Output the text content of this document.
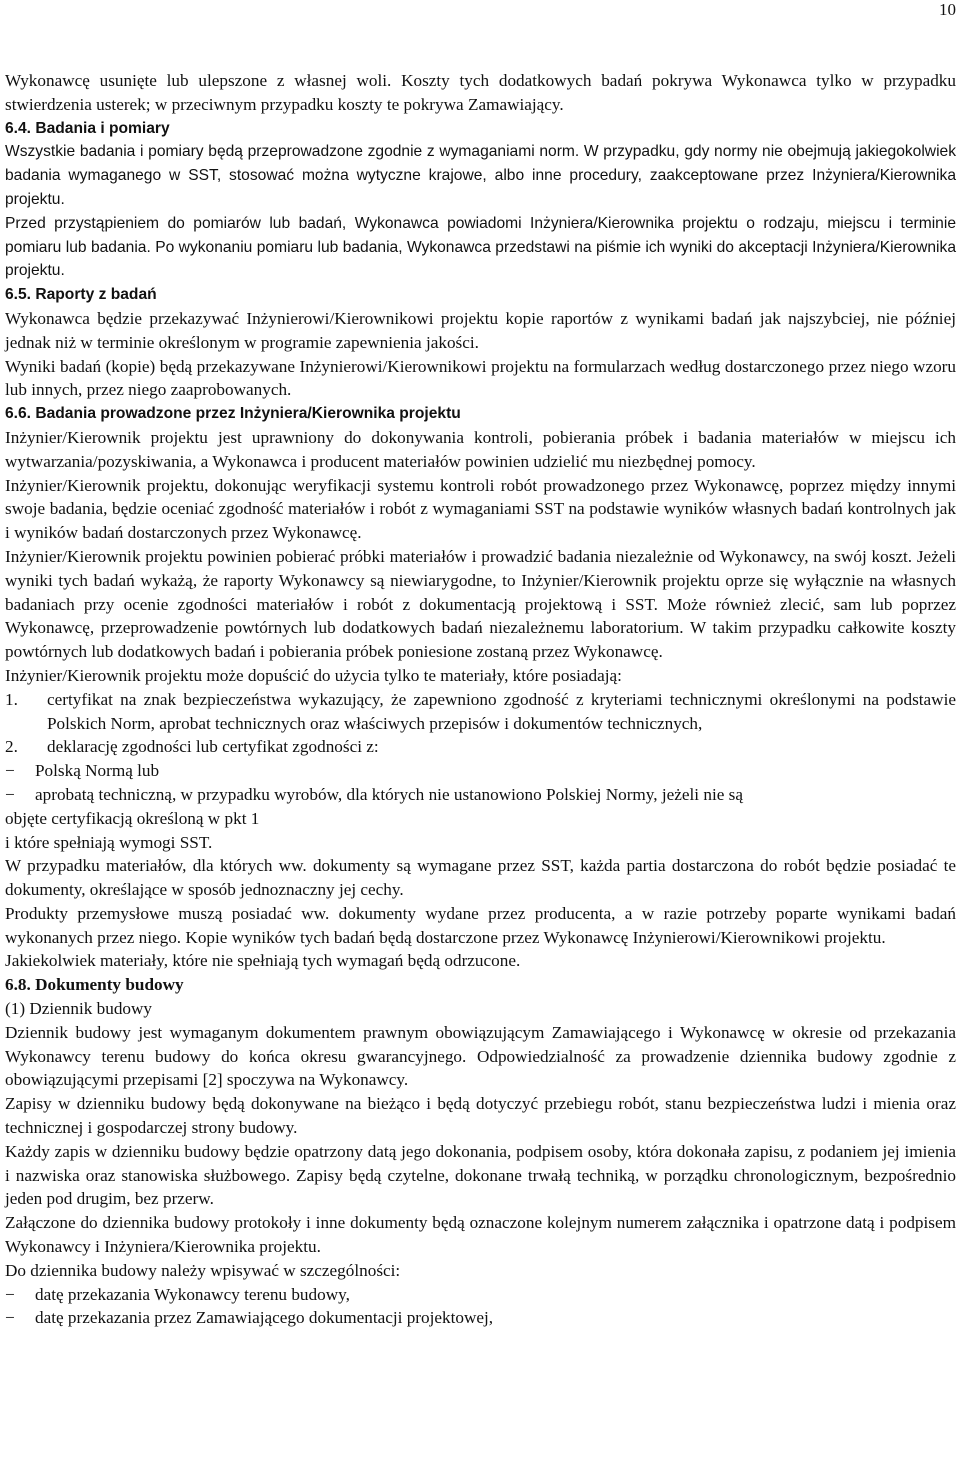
10

Wykonawcę usunięte lub ulepszone z własnej woli. Koszty tych dodatkowych badań pokrywa Wykonawca tylko w przypadku stwierdzenia usterek; w przeciwnym przypadku koszty te pokrywa Zamawiający.

6.4. Badania i pomiary

Wszystkie badania i pomiary będą przeprowadzone zgodnie z wymaganiami norm. W przypadku, gdy normy nie obejmują jakiegokolwiek badania wymaganego w SST, stosować można wytyczne krajowe, albo inne procedury, zaakceptowane przez Inżyniera/Kierownika projektu.

Przed przystąpieniem do pomiarów lub badań, Wykonawca powiadomi Inżyniera/Kierownika projektu o rodzaju, miejscu i terminie pomiaru lub badania. Po wykonaniu pomiaru lub badania, Wykonawca przedstawi na piśmie ich wyniki do akceptacji Inżyniera/Kierownika projektu.

6.5. Raporty z badań

Wykonawca będzie przekazywać Inżynierowi/Kierownikowi projektu kopie raportów z wynikami badań jak najszybciej, nie później jednak niż w terminie określonym w programie zapewnienia jakości.

Wyniki badań (kopie) będą przekazywane Inżynierowi/Kierownikowi projektu na formularzach według dostarczonego przez niego wzoru lub innych, przez niego zaaprobowanych.

6.6. Badania prowadzone przez Inżyniera/Kierownika projektu

Inżynier/Kierownik projektu jest uprawniony do dokonywania kontroli, pobierania próbek i badania materiałów w miejscu ich wytwarzania/pozyskiwania, a Wykonawca i producent materiałów powinien udzielić mu niezbędnej pomocy.

Inżynier/Kierownik projektu, dokonując weryfikacji systemu kontroli robót prowadzonego przez Wykonawcę, poprzez między innymi swoje badania, będzie oceniać zgodność materiałów i robót z wymaganiami SST na podstawie wyników własnych badań kontrolnych jak i wyników badań dostarczonych przez Wykonawcę.

Inżynier/Kierownik projektu powinien pobierać próbki materiałów i prowadzić badania niezależnie od Wykonawcy, na swój koszt. Jeżeli wyniki tych badań wykażą, że raporty Wykonawcy są niewiarygodne, to Inżynier/Kierownik projektu oprze się wyłącznie na własnych badaniach przy ocenie zgodności materiałów i robót z dokumentacją projektową i SST. Może również zlecić, sam lub poprzez Wykonawcę, przeprowadzenie powtórnych lub dodatkowych badań niezależnemu laboratorium. W takim przypadku całkowite koszty powtórnych lub dodatkowych badań i pobierania próbek poniesione zostaną przez Wykonawcę.

Inżynier/Kierownik projektu może dopuścić do użycia tylko te materiały, które posiadają:

1.	certyfikat na znak bezpieczeństwa wykazujący, że zapewniono zgodność z kryteriami technicznymi określonymi na podstawie Polskich Norm, aprobat technicznych oraz właściwych przepisów i dokumentów technicznych,
2.	deklarację zgodności lub certyfikat zgodności z:
−	Polską Normą lub
−	aprobatą techniczną, w przypadku wyrobów, dla których nie ustanowiono Polskiej Normy, jeżeli nie są

objęte certyfikacją określoną w pkt 1

i które spełniają wymogi SST.

W przypadku materiałów, dla których ww. dokumenty są wymagane przez SST, każda partia dostarczona do robót będzie posiadać te dokumenty, określające w sposób jednoznaczny jej cechy.

Produkty przemysłowe muszą posiadać ww. dokumenty wydane przez producenta, a w razie potrzeby poparte wynikami badań wykonanych przez niego. Kopie wyników tych badań będą dostarczone przez Wykonawcę Inżynierowi/Kierownikowi projektu.

Jakiekolwiek materiały, które nie spełniają tych wymagań będą odrzucone.

6.8. Dokumenty budowy

(1) Dziennik budowy

Dziennik budowy jest wymaganym dokumentem prawnym obowiązującym Zamawiającego i Wykonawcę w okresie od przekazania Wykonawcy terenu budowy do końca okresu gwarancyjnego. Odpowiedzialność za prowadzenie dziennika budowy zgodnie z obowiązującymi przepisami [2] spoczywa na Wykonawcy.

Zapisy w dzienniku budowy będą dokonywane na bieżąco i będą dotyczyć przebiegu robót, stanu bezpieczeństwa ludzi i mienia oraz technicznej i gospodarczej strony budowy.

Każdy zapis w dzienniku budowy będzie opatrzony datą jego dokonania, podpisem osoby, która dokonała zapisu, z podaniem jej imienia i nazwiska oraz stanowiska służbowego. Zapisy będą czytelne, dokonane trwałą techniką, w porządku chronologicznym, bezpośrednio jeden pod drugim, bez przerw.

Załączone do dziennika budowy protokoły i inne dokumenty będą oznaczone kolejnym numerem załącznika i opatrzone datą i podpisem Wykonawcy i Inżyniera/Kierownika projektu.

Do dziennika budowy należy wpisywać w szczególności:

−	datę przekazania Wykonawcy terenu budowy,
−	datę przekazania przez Zamawiającego dokumentacji projektowej,
